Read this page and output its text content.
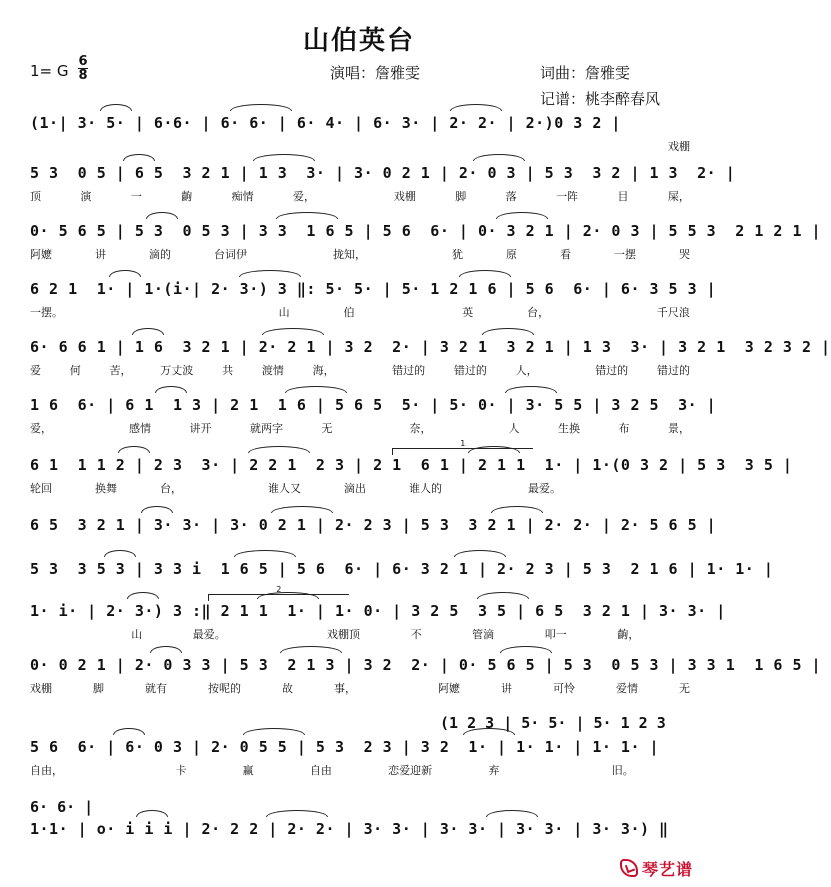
山伯英台
1= G
6
8	演唱：詹雅雯	词曲：詹雅雯
记谱：桃李醉春风
(1·| 3· 5· | 6·6· | 6· 6· | 6· 4· | 6· 3· | 2· 2· | 2·)0 3 2 |
戏棚
5 3  0 5 | 6 5  3 2 1 | 1 3  3· | 3· 0 2 1 | 2· 0 3 | 5 3  3 2 | 1 3  2· |
顶	演	一	齣	痴情	爱，	戏棚	脚	落	一阵	目	屎，
0· 5 6 5 | 5 3  0 5 3 | 3 3  1 6 5 | 5 6  6· | 0· 3 2 1 | 2· 0 3 | 5 5 3  2 1 2 1 |
阿嬷	讲	滴的	台词伊	拢知，	犹	原	看	一摆	哭
6 2 1  1· | 1·(i·| 2· 3·) 3 ‖: 5· 5· | 5· 1 2 1 6 | 5 6  6· | 6· 3 5 3 |
一摆。	山	伯	英	台，	千尺浪
6· 6 6 1 | 1 6  3 2 1 | 2· 2 1 | 3 2  2· | 3 2 1  3 2 1 | 1 3  3· | 3 2 1  3 2 3 2 |
爱	何	苦，	万丈波	共	渡情	海，	错过的	错过的	人，	错过的	错过的
1 6  6· | 6 1  1 3 | 2 1  1 6 | 5 6 5  5· | 5· 0· | 3· 5 5 | 3 2 5  3· |
爱，	感情	讲开	就两字	无	奈，	人	生换	布	景，
6 1  1 1 2 | 2 3  3· | 2 2 1  2 3 | 2 1  6 1 | 2 1 1  1· | 1·(0 3 2 | 5 3  3 5 |
轮回	换舞	台，	谁人又	滴出	谁人的	最爱。
6 5  3 2 1 | 3· 3· | 3· 0 2 1 | 2· 2 3 | 5 3  3 2 1 | 2· 2· | 2· 5 6 5 |
5 3  3 5 3 | 3 3 i  1 6 5 | 5 6  6· | 6· 3 2 1 | 2· 2 3 | 5 3  2 1 6 | 1· 1· |
1· i· | 2· 3·) 3 :‖ 2 1 1  1· | 1· 0· | 3 2 5  3 5 | 6 5  3 2 1 | 3· 3· |
山	最爱。	戏棚顶	不	管滴	叩一	齣，
0· 0 2 1 | 2· 0 3 3 | 5 3  2 1 3 | 3 2  2· | 0· 5 6 5 | 5 3  0 5 3 | 3 3 1  1 6 5 |
戏棚	脚	就有	按呢的	故	事，	阿嬷	讲	可怜	爱情	无
5 6  6· | 6· 0 3 | 2· 0 5 5 | 5 3  2 3 | 3 2  1· | 1· 1· | 1· 1· |
自由，	卡	赢	自由	恋爱迎新	弃	旧。
1·1· | o· i i i | 2· 2 2 | 2· 2· | 3· 3· | 3· 3· | 3· 3· | 3· 3·) ‖
(1 2 3 | 5· 5· | 5· 1 2 3
6· 6· |
琴艺谱
1
2
